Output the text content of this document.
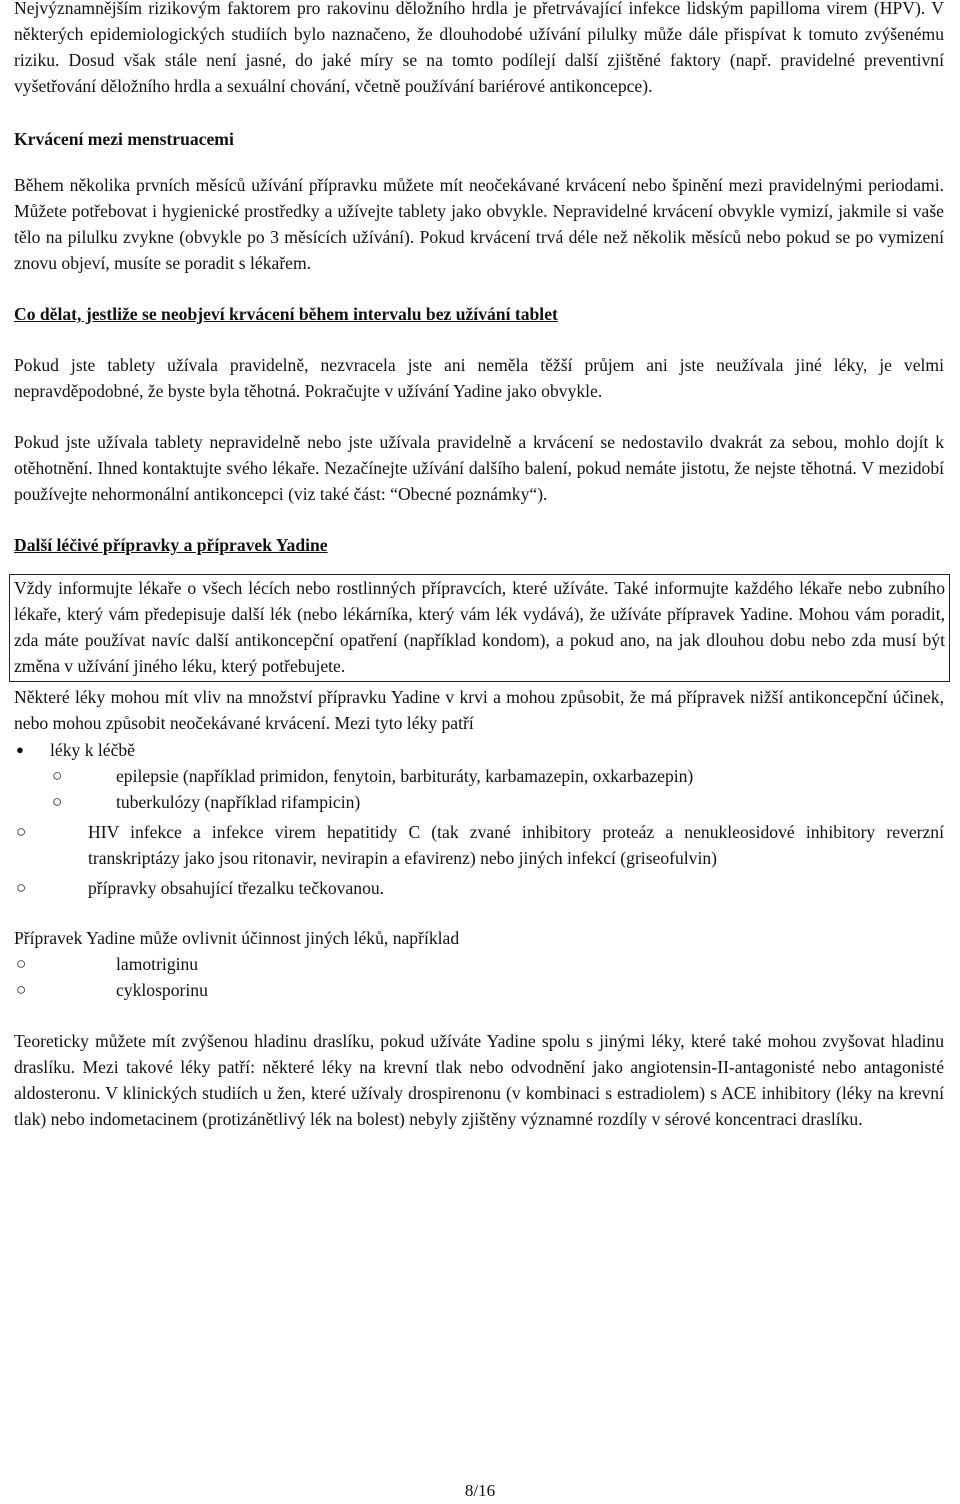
Nejvýznamnějším rizikovým faktorem pro rakovinu děložního hrdla je přetrvávající infekce lidským papilloma virem (HPV). V některých epidemiologických studiích bylo naznačeno, že dlouhodobé užívání pilulky může dále přispívat k tomuto zvýšenému riziku. Dosud však stále není jasné, do jaké míry se na tomto podílejí další zjištěné faktory (např. pravidelné preventivní vyšetřování děložního hrdla a sexuální chování, včetně používání bariérové antikoncepce).

Krvácení mezi menstruacemi

Během několika prvních měsíců užívání přípravku můžete mít neočekávané krvácení nebo špinění mezi pravidelnými periodami. Můžete potřebovat i hygienické prostředky a užívejte tablety jako obvykle. Nepravidelné krvácení obvykle vymizí, jakmile si vaše tělo na pilulku zvykne (obvykle po 3 měsících užívání). Pokud krvácení trvá déle než několik měsíců nebo pokud se po vymizení znovu objeví, musíte se poradit s lékařem.

Co dělat, jestliže se neobjeví krvácení během intervalu bez užívání tablet

Pokud jste tablety užívala pravidelně, nezvracela jste ani neměla těžší průjem ani jste neužívala jiné léky, je velmi nepravděpodobné, že byste byla těhotná. Pokračujte v užívání Yadine jako obvykle.

Pokud jste užívala tablety nepravidelně nebo jste užívala pravidelně a krvácení se nedostavilo dvakrát za sebou, mohlo dojít k otěhotnění. Ihned kontaktujte svého lékaře. Nezačínejte užívání dalšího balení, pokud nemáte jistotu, že nejste těhotná. V mezidobí používejte nehormonální antikoncepci (viz také část: “Obecné poznámky“).

Další léčivé přípravky a přípravek Yadine

Vždy informujte lékaře o všech lécích nebo rostlinných přípravcích, které užíváte. Také informujte každého lékaře nebo zubního lékaře, který vám předepisuje další lék (nebo lékárníka, který vám lék vydává), že užíváte přípravek Yadine. Mohou vám poradit, zda máte používat navíc další antikoncepční opatření (například kondom), a pokud ano, na jak dlouhou dobu nebo zda musí být změna v užívání jiného léku, který potřebujete.

Některé léky mohou mít vliv na množství přípravku Yadine v krvi a mohou způsobit, že má přípravek nižší antikoncepční účinek, nebo mohou způsobit neočekávané krvácení. Mezi tyto léky patří

● léky k léčbě
○ epilepsie (například primidon, fenytoin, barbituráty, karbamazepin, oxkarbazepin)
○ tuberkulózy (například rifampicin)
○ HIV infekce a infekce virem hepatitidy C (tak zvané inhibitory proteáz a nenukleosidové inhibitory reverzní transkriptázy jako jsou ritonavir, nevirapin a efavirenz) nebo jiných infekcí (griseofulvin)
○ přípravky obsahující třezalku tečkovanou.

Přípravek Yadine může ovlivnit účinnost jiných léků, například

○ lamotriginu
○ cyklosporinu

Teoreticky můžete mít zvýšenou hladinu draslíku, pokud užíváte Yadine spolu s jinými léky, které také mohou zvyšovat hladinu draslíku. Mezi takové léky patří: některé léky na krevní tlak nebo odvodnění jako angiotensin-II-antagonisté nebo antagonisté aldosteronu. V klinických studiích u žen, které užívaly drospirenonu (v kombinaci s estradiolem) s ACE inhibitory (léky na krevní tlak) nebo indometacinem (protizánětlivý lék na bolest) nebyly zjištěny významné rozdíly v sérové koncentraci draslíku.

8/16
